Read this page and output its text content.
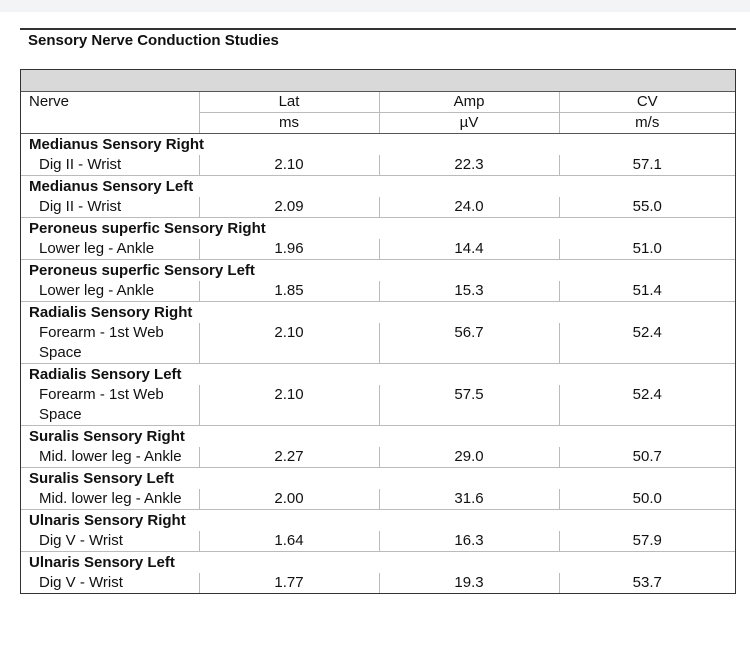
Sensory Nerve Conduction Studies
Nerve	Lat	Amp	CV
	ms	µV	m/s
Medianus Sensory Right			
Dig II - Wrist	2.10	22.3	57.1
Medianus Sensory Left			
Dig II - Wrist	2.09	24.0	55.0
Peroneus superfic Sensory Right			
Lower leg - Ankle	1.96	14.4	51.0
Peroneus superfic Sensory Left			
Lower leg - Ankle	1.85	15.3	51.4
Radialis Sensory Right			
Forearm - 1st Web Space	2.10	56.7	52.4
Radialis Sensory Left			
Forearm - 1st Web Space	2.10	57.5	52.4
Suralis Sensory Right			
Mid. lower leg - Ankle	2.27	29.0	50.7
Suralis Sensory Left			
Mid. lower leg - Ankle	2.00	31.6	50.0
Ulnaris Sensory Right			
Dig V - Wrist	1.64	16.3	57.9
Ulnaris Sensory Left			
Dig V - Wrist	1.77	19.3	53.7
